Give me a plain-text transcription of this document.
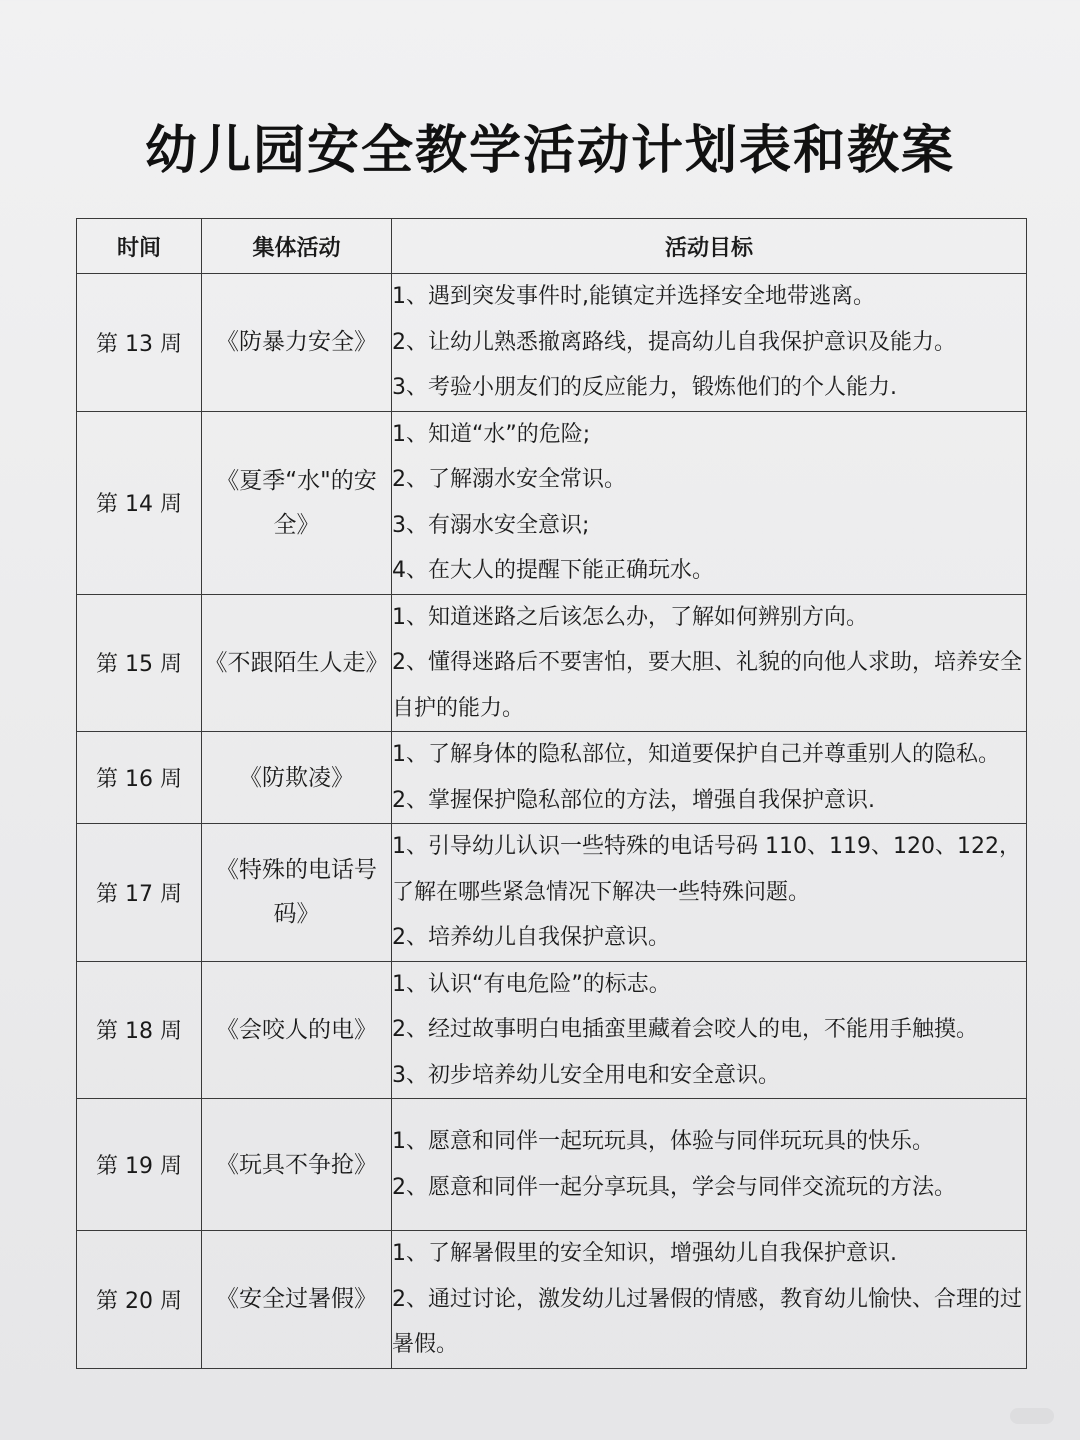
幼儿园安全教学活动计划表和教案
时间	集体活动	活动目标
第 13 周	《防暴力安全》	1、遇到突发事件时,能镇定并选择安全地带逃离。
2、让幼儿熟悉撤离路线，提高幼儿自我保护意识及能力。
3、考验小朋友们的反应能力，锻炼他们的个人能力.

第 14 周	《夏季“水"的安全》	1、知道“水”的危险;
2、了解溺水安全常识。
3、有溺水安全意识;
4、在大人的提醒下能正确玩水。

第 15 周	《不跟陌生人走》	1、知道迷路之后该怎么办，了解如何辨别方向。
2、懂得迷路后不要害怕，要大胆、礼貌的向他人求助，培养安全自护的能力。

第 16 周	《防欺凌》	1、了解身体的隐私部位，知道要保护自己并尊重别人的隐私。
2、掌握保护隐私部位的方法，增强自我保护意识.

第 17 周	《特殊的电话号码》	1、引导幼儿认识一些特殊的电话号码 110、119、120、122，了解在哪些紧急情况下解决一些特殊问题。
2、培养幼儿自我保护意识。

第 18 周	《会咬人的电》	1、认识“有电危险”的标志。
2、经过故事明白电插蛮里藏着会咬人的电，不能用手触摸。
3、初步培养幼儿安全用电和安全意识。

第 19 周	《玩具不争抢》	1、愿意和同伴一起玩玩具，体验与同伴玩玩具的快乐。
2、愿意和同伴一起分享玩具，学会与同伴交流玩的方法。

第 20 周	《安全过暑假》	1、了解暑假里的安全知识，增强幼儿自我保护意识.
2、通过讨论，激发幼儿过暑假的情感，教育幼儿愉快、合理的过暑假。
